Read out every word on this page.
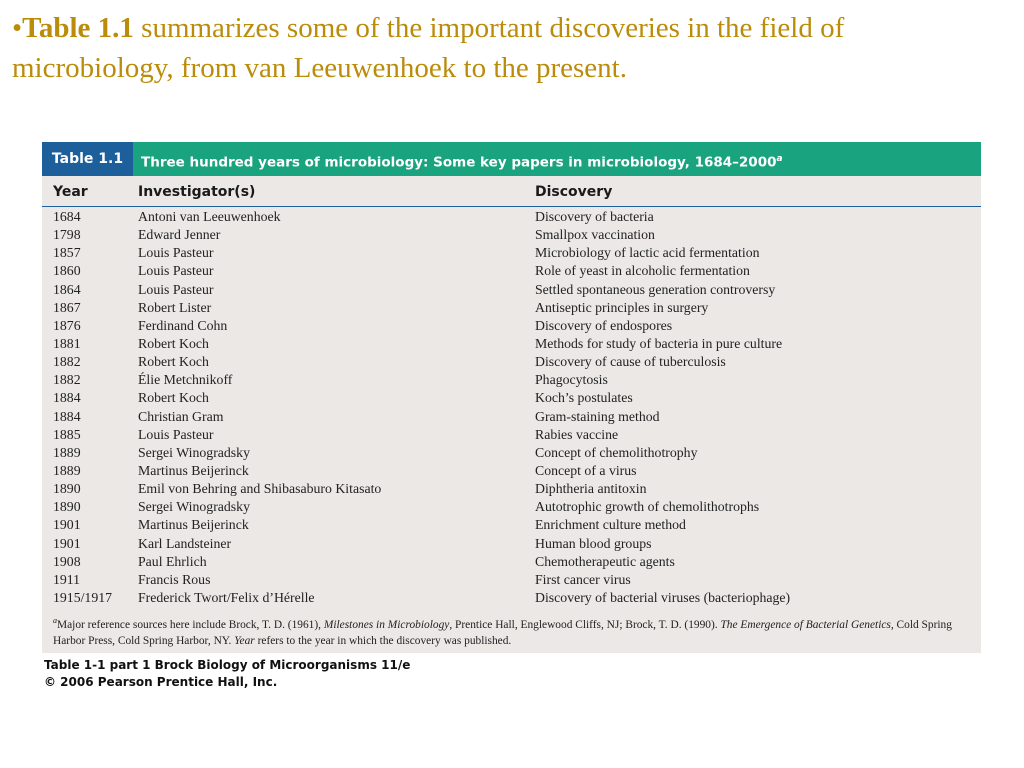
•Table 1.1 summarizes some of the important discoveries in the field of microbiology, from van Leeuwenhoek to the present.
Table 1.1	Three hundred years of microbiology: Some key papers in microbiology, 1684–2000$^a$
Year	Investigator(s)	Discovery
1684	Antoni van Leeuwenhoek	Discovery of bacteria
1798	Edward Jenner	Smallpox vaccination
1857	Louis Pasteur	Microbiology of lactic acid fermentation
1860	Louis Pasteur	Role of yeast in alcoholic fermentation
1864	Louis Pasteur	Settled spontaneous generation controversy
1867	Robert Lister	Antiseptic principles in surgery
1876	Ferdinand Cohn	Discovery of endospores
1881	Robert Koch	Methods for study of bacteria in pure culture
1882	Robert Koch	Discovery of cause of tuberculosis
1882	Élie Metchnikoff	Phagocytosis
1884	Robert Koch	Koch’s postulates
1884	Christian Gram	Gram-staining method
1885	Louis Pasteur	Rabies vaccine
1889	Sergei Winogradsky	Concept of chemolithotrophy
1889	Martinus Beijerinck	Concept of a virus
1890	Emil von Behring and Shibasaburo Kitasato	Diphtheria antitoxin
1890	Sergei Winogradsky	Autotrophic growth of chemolithotrophs
1901	Martinus Beijerinck	Enrichment culture method
1901	Karl Landsteiner	Human blood groups
1908	Paul Ehrlich	Chemotherapeutic agents
1911	Francis Rous	First cancer virus
1915/1917 Frederick Twort/Felix d’Hérelle	Discovery of bacterial viruses (bacteriophage)
$^a$Major reference sources here include Brock, T. D. (1961), Milestones in Microbiology, Prentice Hall, Englewood Cliffs, NJ; Brock, T. D. (1990). The Emergence of Bacterial Genetics, Cold Spring Harbor Press, Cold Spring Harbor, NY. Year refers to the year in which the discovery was published.
Table 1-1 part 1 Brock Biology of Microorganisms 11/e
© 2006 Pearson Prentice Hall, Inc.
